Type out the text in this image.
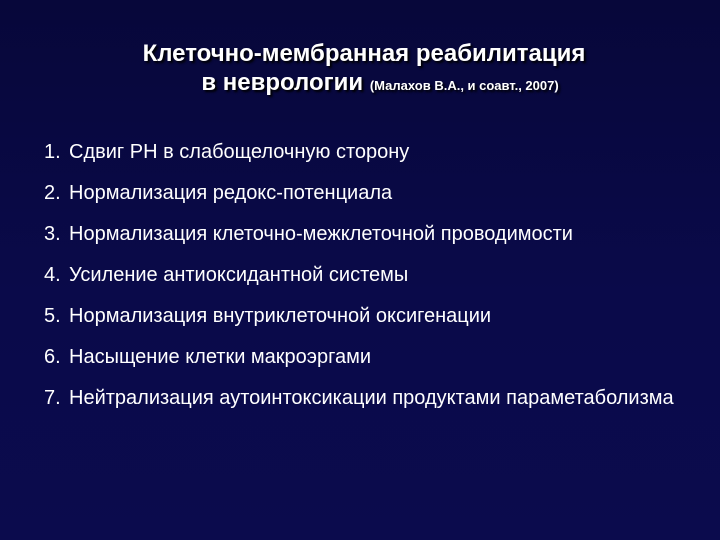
Клеточно-мембранная реабилитация
в неврологии (Малахов В.А., и соавт., 2007)
1. Сдвиг РН в слабощелочную сторону
2. Нормализация редокс-потенциала
3. Нормализация клеточно-межклеточной проводимости
4. Усиление антиоксидантной системы
5. Нормализация внутриклеточной оксигенации
6. Насыщение клетки макроэргами
7. Нейтрализация аутоинтоксикации продуктами параметаболизма
